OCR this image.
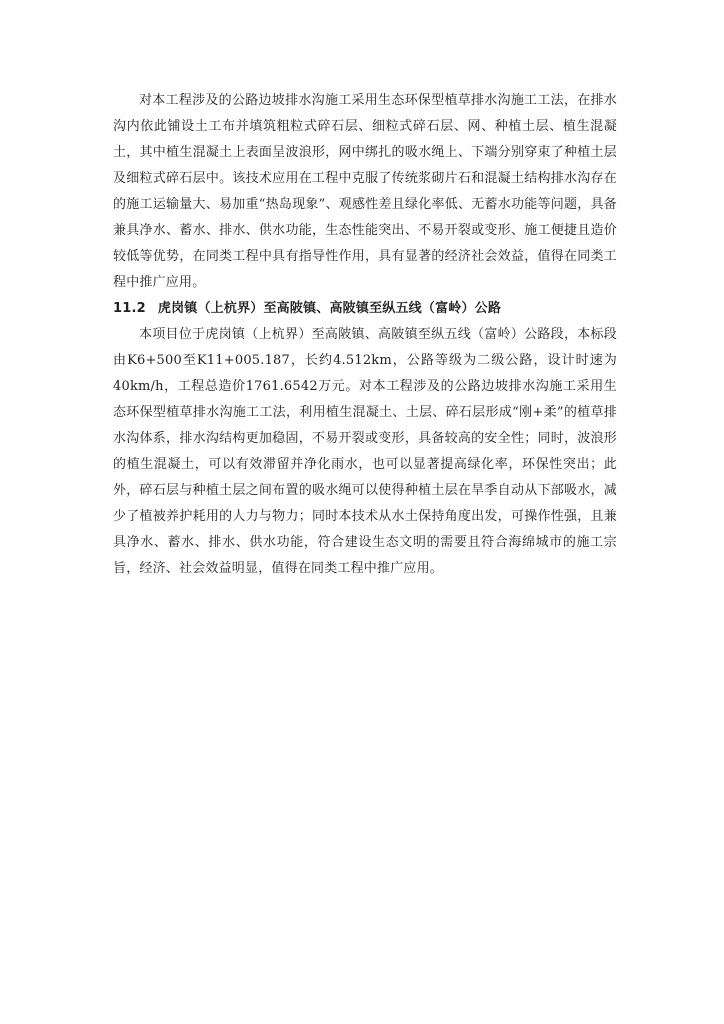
对本工程涉及的公路边坡排水沟施工采用生态环保型植草排水沟施工工法，在排水沟内依此铺设土工布并填筑粗粒式碎石层、细粒式碎石层、网、种植土层、植生混凝土，其中植生混凝土上表面呈波浪形，网中绑扎的吸水绳上、下端分别穿束了种植土层及细粒式碎石层中。该技术应用在工程中克服了传统浆砌片石和混凝土结构排水沟存在的施工运输量大、易加重“热岛现象”、观感性差且绿化率低、无蓄水功能等问题，具备兼具净水、蓄水、排水、供水功能，生态性能突出、不易开裂或变形、施工便捷且造价较低等优势，在同类工程中具有指导性作用，具有显著的经济社会效益，值得在同类工程中推广应用。

11.2 虎岗镇（上杭界）至高陂镇、高陂镇至纵五线（富岭）公路

本项目位于虎岗镇（上杭界）至高陂镇、高陂镇至纵五线（富岭）公路段，本标段由K6+500至K11+005.187，长约4.512km，公路等级为二级公路，设计时速为40km/h，工程总造价1761.6542万元。对本工程涉及的公路边坡排水沟施工采用生态环保型植草排水沟施工工法，利用植生混凝土、土层、碎石层形成“刚+柔”的植草排水沟体系，排水沟结构更加稳固，不易开裂或变形，具备较高的安全性；同时，波浪形的植生混凝土，可以有效滞留并净化雨水，也可以显著提高绿化率，环保性突出；此外，碎石层与种植土层之间布置的吸水绳可以使得种植土层在旱季自动从下部吸水，减少了植被养护耗用的人力与物力；同时本技术从水土保持角度出发，可操作性强，且兼具净水、蓄水、排水、供水功能，符合建设生态文明的需要且符合海绵城市的施工宗旨，经济、社会效益明显，值得在同类工程中推广应用。
